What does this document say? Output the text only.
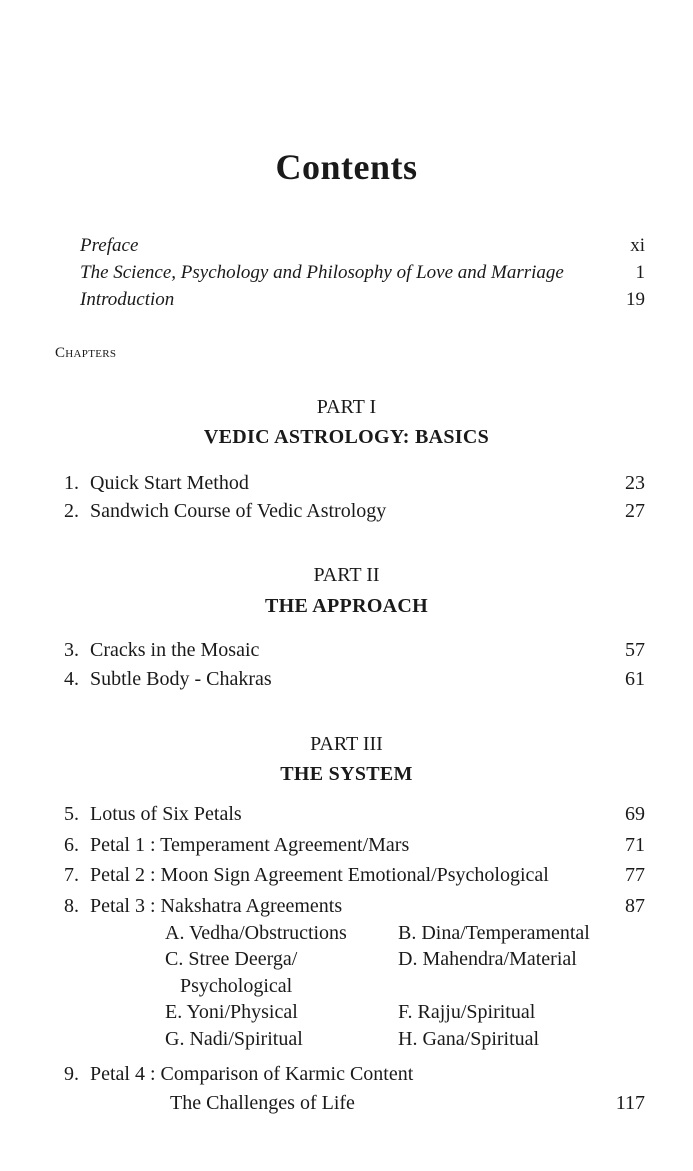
Contents
Preface	xi
The Science, Psychology and Philosophy of Love and Marriage	1
Introduction	19
Chapters
PART I
VEDIC ASTROLOGY: BASICS
1. Quick Start Method	23
2. Sandwich Course of Vedic Astrology	27
PART II
THE APPROACH
3. Cracks in the Mosaic	57
4. Subtle Body - Chakras	61
PART III
THE SYSTEM
5. Lotus of Six Petals	69
6. Petal 1 : Temperament Agreement/Mars	71
7. Petal 2 : Moon Sign Agreement Emotional/Psychological	77
8. Petal 3 : Nakshatra Agreements	87
A. Vedha/Obstructions	B. Dina/Temperamental
C. Stree Deerga/	D. Mahendra/Material
Psychological
E. Yoni/Physical	F. Rajju/Spiritual
G. Nadi/Spiritual	H. Gana/Spiritual
9. Petal 4 : Comparison of Karmic Content
The Challenges of Life	117
